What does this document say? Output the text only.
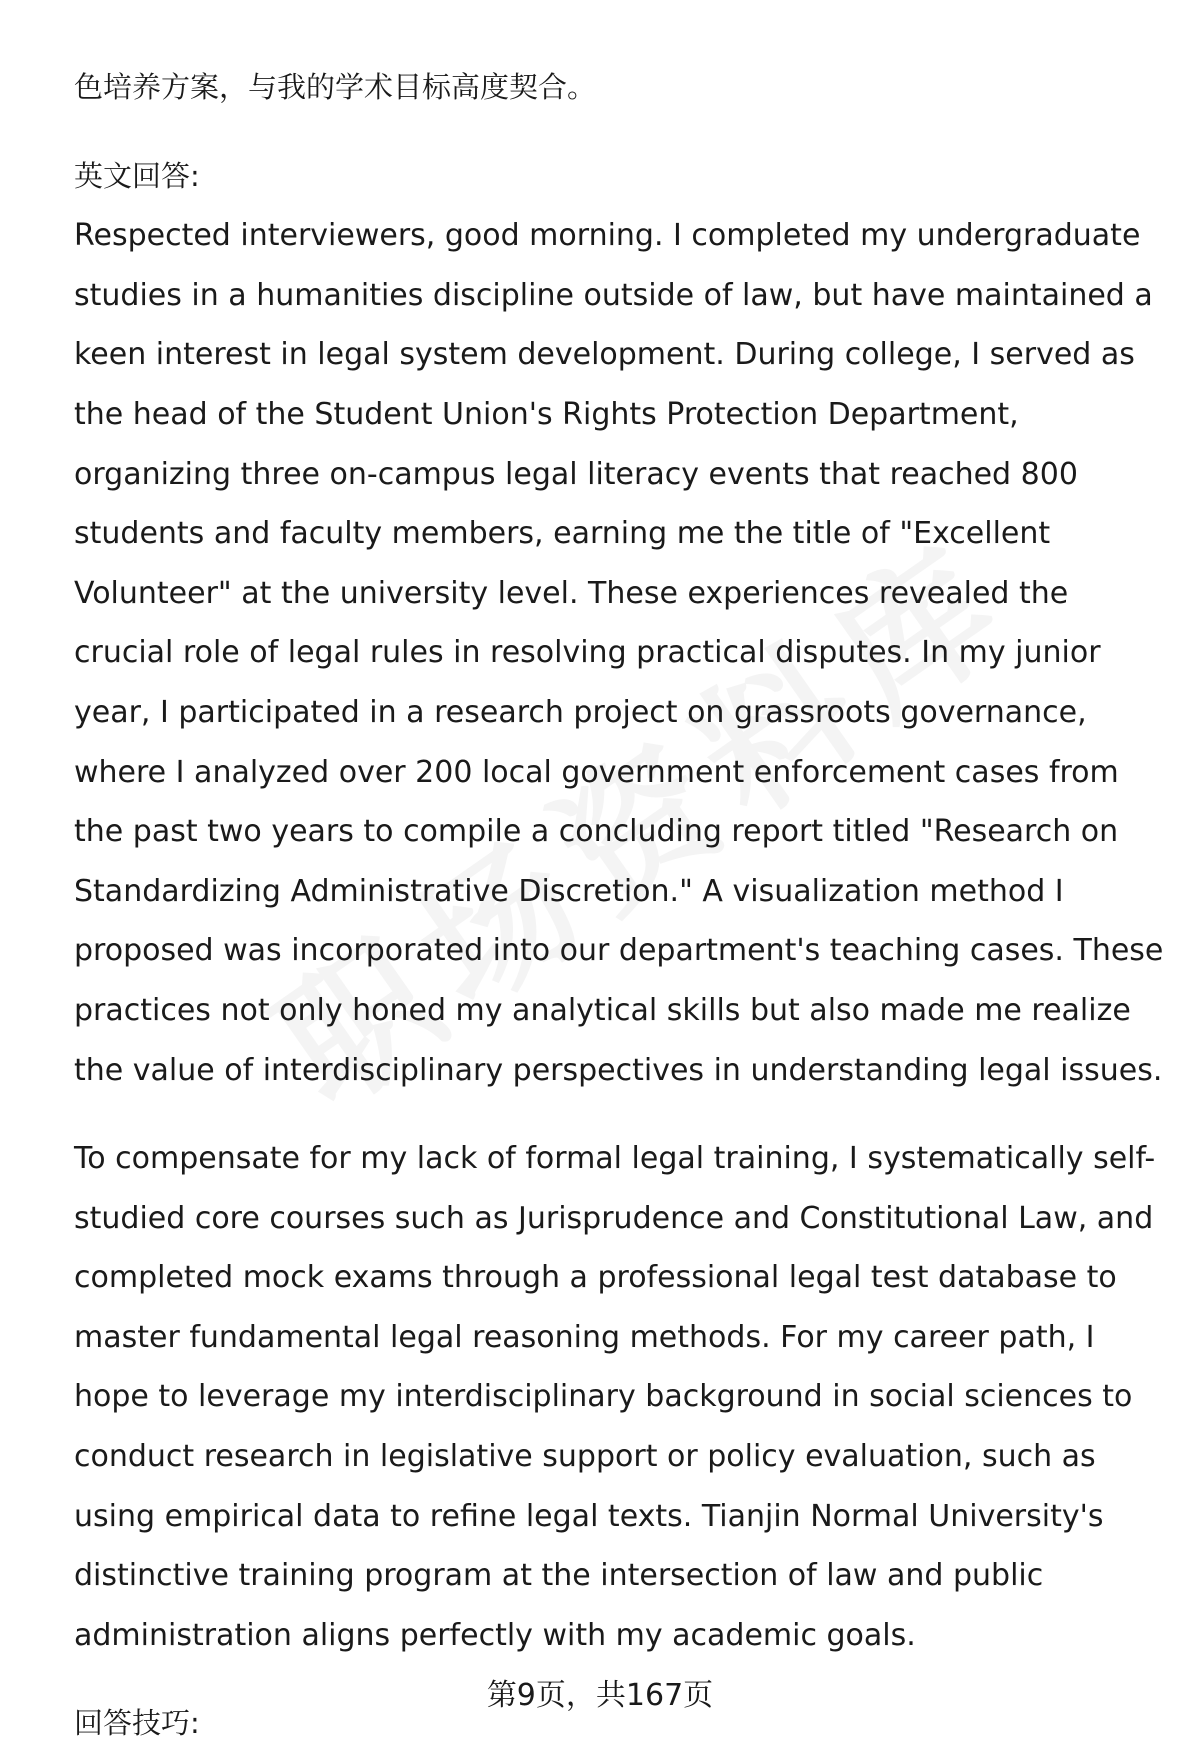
色培养方案，与我的学术目标高度契合。

英文回答:

Respected interviewers, good morning. I completed my undergraduate studies in a humanities discipline outside of law, but have maintained a keen interest in legal system development. During college, I served as the head of the Student Union's Rights Protection Department, organizing three on-campus legal literacy events that reached 800 students and faculty members, earning me the title of "Excellent Volunteer" at the university level. These experiences revealed the crucial role of legal rules in resolving practical disputes. In my junior year, I participated in a research project on grassroots governance, where I analyzed over 200 local government enforcement cases from the past two years to compile a concluding report titled "Research on Standardizing Administrative Discretion." A visualization method I proposed was incorporated into our department's teaching cases. These practices not only honed my analytical skills but also made me realize the value of interdisciplinary perspectives in understanding legal issues.

To compensate for my lack of formal legal training, I systematically self-studied core courses such as Jurisprudence and Constitutional Law, and completed mock exams through a professional legal test database to master fundamental legal reasoning methods. For my career path, I hope to leverage my interdisciplinary background in social sciences to conduct research in legislative support or policy evaluation, such as using empirical data to refine legal texts. Tianjin Normal University's distinctive training program at the intersection of law and public administration aligns perfectly with my academic goals.

回答技巧:

第9页，共167页
